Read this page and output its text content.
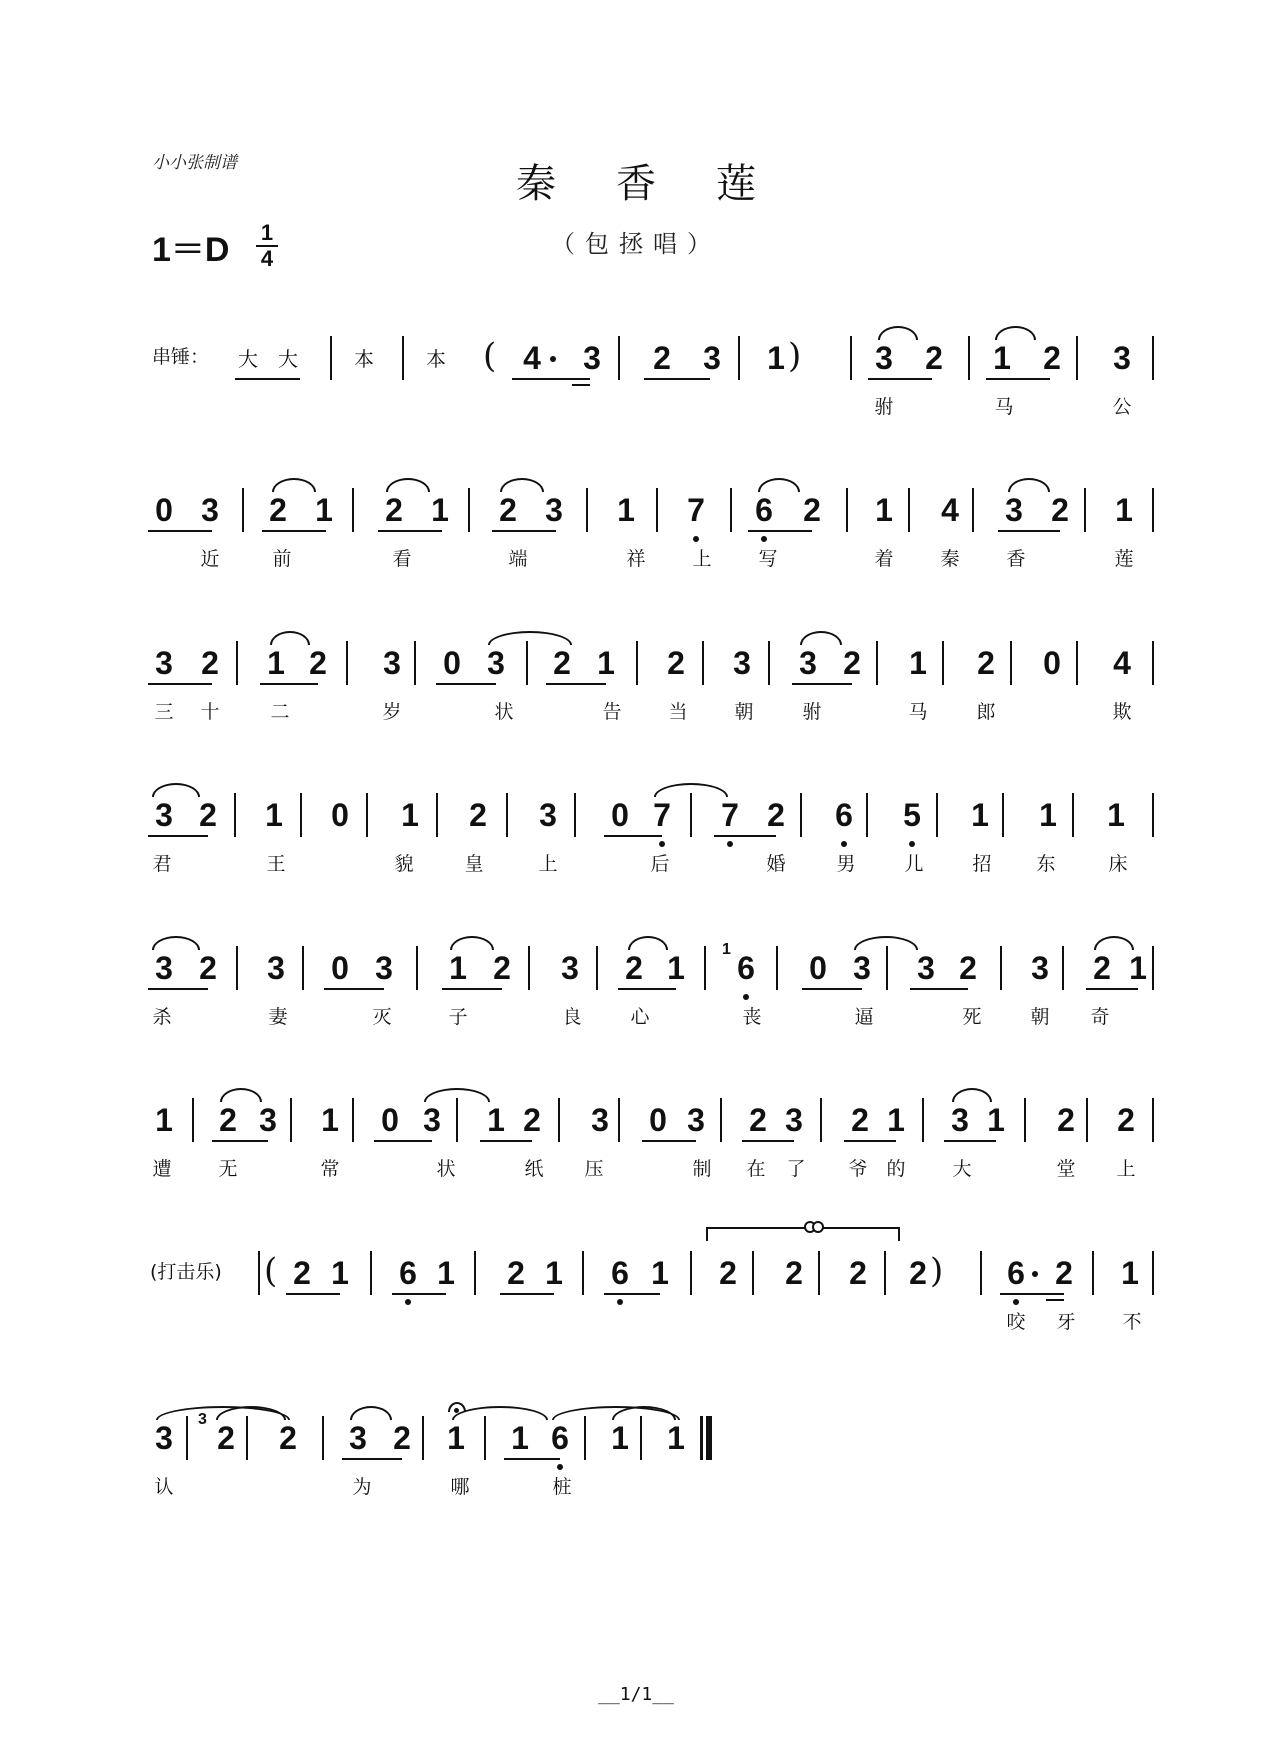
小小张制谱	秦香莲
（包拯唱）
1＝D 1
4
( 4 3 2 3 1 ) 3 2 1 2 3
串锤： 大 大	本	本
驸	马	公
0 3 2 1 2 1 2 3 1 7 6 2 1 4 3 2 1
近	前	看	端	祥 上 写	着 秦 香	莲
3 2 1 2 3 0 3 2 1 2 3 3 2 1 2 0 4
三 十	二	岁	状	告 当 朝	驸	马	郎	欺
3 2 1 0 1 2 3 0 7 7 2 6 5 1 1 1
君	王	貌	皇	上	后	婚	男	儿	招 东	床
3 2 3 0 3 1 2 3 2 1
1
6 0 3 3 2 3 2 1
杀	妻	灭	子	良	心	丧	逼	死	朝 奇
1 2 3 1 0 3 1 2 3 0 3 2 3 2 1 3 1 2 2
遭 无	常	状	纸 压	制 在 了 爷 的 大	堂 上
( 2 1 6 1 2 1 6 1 2 2 2 2 ) 6 2 1
(打击乐)
咬 牙 不
3
3
2 2 3 2 1 1 6 1 1
认	为	哪	桩
__1/1__
